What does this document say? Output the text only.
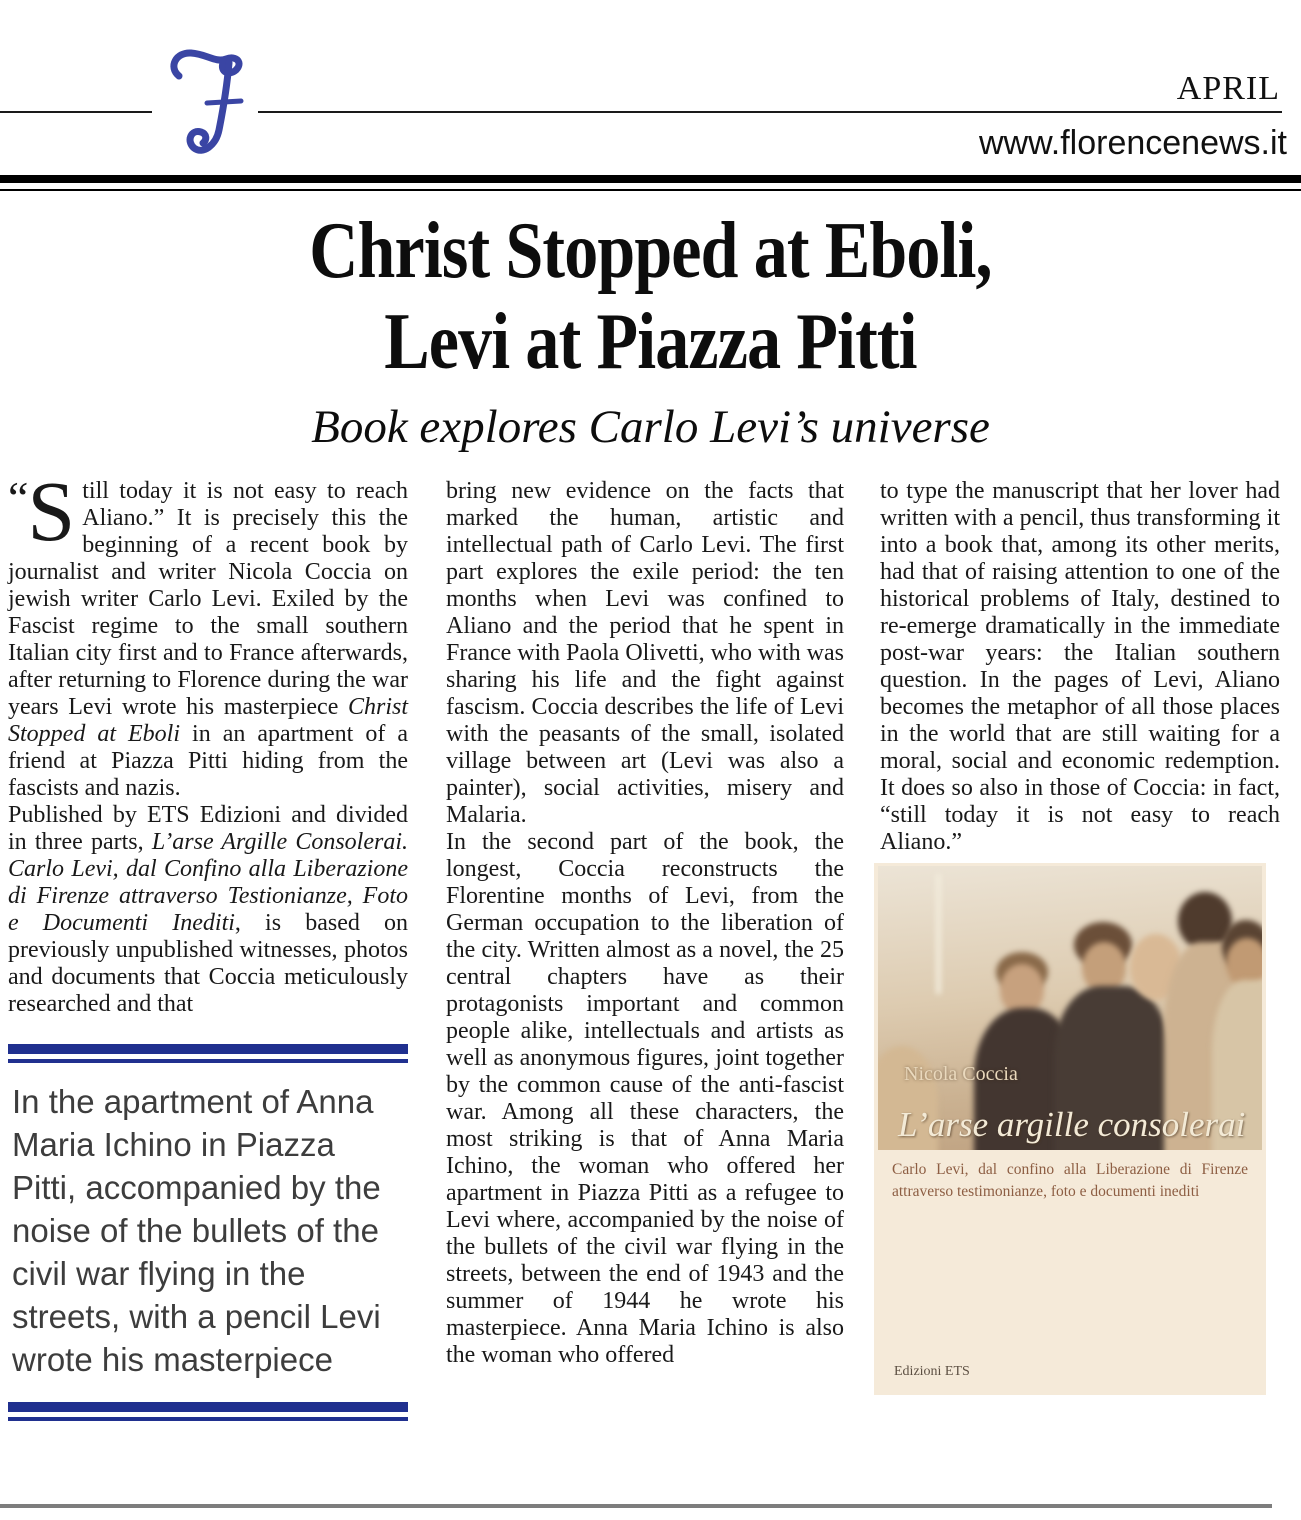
APRIL
www.florencenews.it
Christ Stopped at Eboli,
Levi at Piazza Pitti
Book explores Carlo Levi’s universe

“ S till today it is not easy to reach Aliano.” It is precisely this the beginning of a recent book by journalist and writer Nicola Coccia on jewish writer Carlo Levi. Exiled by the Fascist regime to the small southern Italian city first and to France afterwards, after returning to Florence during the war years Levi wrote his masterpiece Christ Stopped at Eboli in an apartment of a friend at Piazza Pitti hiding from the fascists and nazis.

Published by ETS Edizioni and divided in three parts, L’arse Argille Consolerai. Carlo Levi, dal Confino alla Liberazione di Firenze attraverso Testionianze, Foto e Documenti Inediti, is based on previously unpublished witnesses, photos and documents that Coccia meticulously researched and that

In the apartment of Anna Maria Ichino in Piazza Pitti, accompanied by the noise of the bullets of the civil war flying in the streets, with a pencil Levi wrote his masterpiece

bring new evidence on the facts that marked the human, artistic and intellectual path of Carlo Levi. The first part explores the exile period: the ten months when Levi was confined to Aliano and the period that he spent in France with Paola Olivetti, who with was sharing his life and the fight against fascism. Coccia describes the life of Levi with the peasants of the small, isolated village between art (Levi was also a painter), social activities, misery and Malaria.

In the second part of the book, the longest, Coccia reconstructs the Florentine months of Levi, from the German occupation to the liberation of the city. Written almost as a novel, the 25 central chapters have as their protagonists important and common people alike, intellectuals and artists as well as anonymous figures, joint together by the common cause of the anti-fascist war. Among all these characters, the most striking is that of Anna Maria Ichino, the woman who offered her apartment in Piazza Pitti as a refugee to Levi where, accompanied by the noise of the bullets of the civil war flying in the streets, between the end of 1943 and the summer of 1944 he wrote his masterpiece. Anna Maria Ichino is also the woman who offered

to type the manuscript that her lover had written with a pencil, thus transforming it into a book that, among its other merits, had that of raising attention to one of the historical problems of Italy, destined to re-emerge dramatically in the immediate post-war years: the Italian southern question. In the pages of Levi, Aliano becomes the metaphor of all those places in the world that are still waiting for a moral, social and economic redemption. It does so also in those of Coccia: in fact, “still today it is not easy to reach Aliano.”

Nicola Coccia
L’arse argille consolerai
Carlo Levi, dal confino alla Liberazione di Firenze attraverso testimonianze, foto e documenti inediti
Edizioni ETS
